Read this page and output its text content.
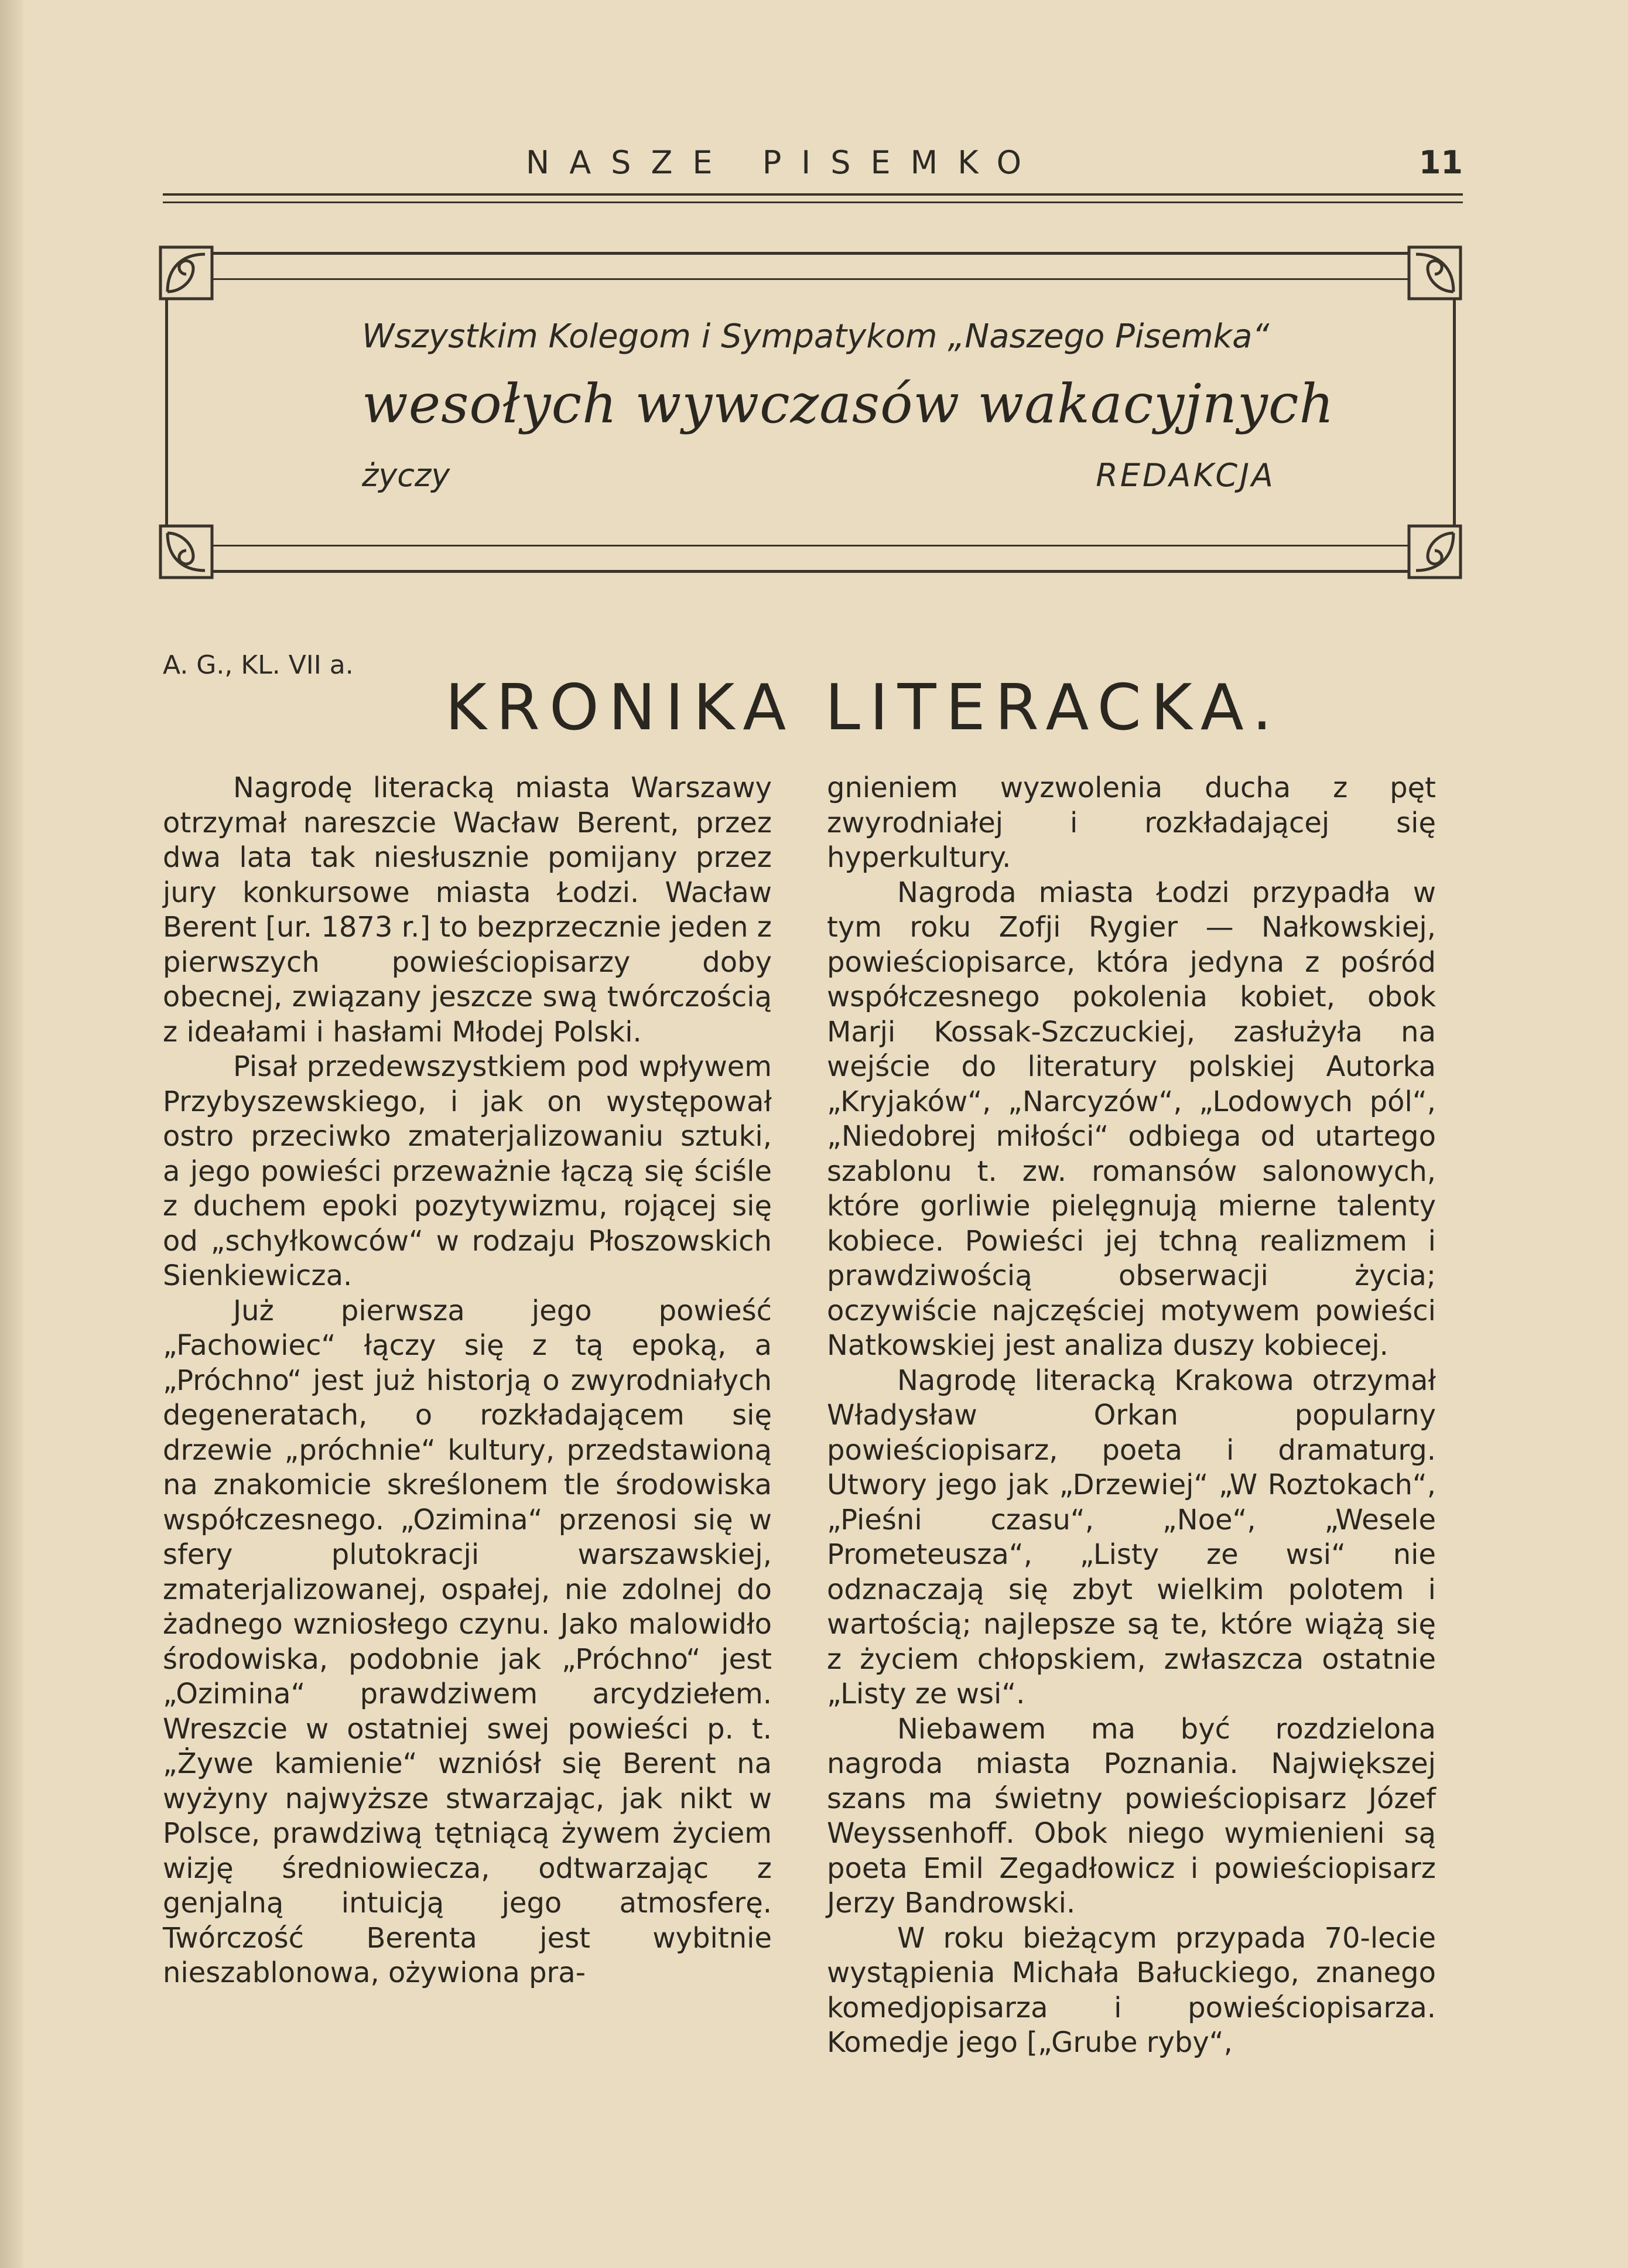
NASZE PISEMKO	11
Wszystkim Kolegom i Sympatykom „Naszego Pisemka“
wesołych wywczasów wakacyjnych
życzy	REDAKCJA
A. G., KL. VII a.
KRONIKA LITERACKA.

Nagrodę literacką miasta Warszawy otrzymał nareszcie Wacław Berent, przez dwa lata tak niesłusznie pomijany przez jury konkursowe miasta Łodzi. Wacław Berent [ur. 1873 r.] to bezprzecznie jeden z pierwszych powieściopisarzy doby obecnej, związany jeszcze swą twórczością z ideałami i hasłami Młodej Polski.

Pisał przedewszystkiem pod wpływem Przybyszewskiego, i jak on występował ostro przeciwko zmaterjalizowaniu sztuki, a jego powieści przeważnie łączą się ściśle z duchem epoki pozytywizmu, rojącej się od „schyłkowców“ w rodzaju Płoszowskich Sienkiewicza.

Już pierwsza jego powieść „Fachowiec“ łączy się z tą epoką, a „Próchno“ jest już historją o zwyrodniałych degeneratach, o rozkładającem się drzewie „próchnie“ kultury, przedstawioną na znakomicie skreślonem tle środowiska współczesnego. „Ozimina“ przenosi się w sfery plutokracji warszawskiej, zmaterjalizowanej, ospałej, nie zdolnej do żadnego wzniosłego czynu. Jako malowidło środowiska, podobnie jak „Próchno“ jest „Ozimina“ prawdziwem arcydziełem. Wreszcie w ostatniej swej powieści p. t. „Żywe kamienie“ wzniósł się Berent na wyżyny najwyższe stwarzając, jak nikt w Polsce, prawdziwą tętniącą żywem życiem wizję średniowiecza, odtwarzając z genjalną intuicją jego atmosferę. Twórczość Berenta jest wybitnie nieszablonowa, ożywiona pra-

gnieniem wyzwolenia ducha z pęt zwyrodniałej i rozkładającej się hyperkultury.

Nagroda miasta Łodzi przypadła w tym roku Zofji Rygier — Nałkowskiej, powieściopisarce, która jedyna z pośród współczesnego pokolenia kobiet, obok Marji Kossak-Szczuckiej, zasłużyła na wejście do literatury polskiej Autorka „Kryjaków“, „Narcyzów“, „Lodowych pól“, „Niedobrej miłości“ odbiega od utartego szablonu t. zw. romansów salonowych, które gorliwie pielęgnują mierne talenty kobiece. Powieści jej tchną realizmem i prawdziwością obserwacji życia; oczywiście najczęściej motywem powieści Natkowskiej jest analiza duszy kobiecej.

Nagrodę literacką Krakowa otrzymał Władysław Orkan popularny powieściopisarz, poeta i dramaturg. Utwory jego jak „Drzewiej“ „W Roztokach“, „Pieśni czasu“, „Noe“, „Wesele Prometeusza“, „Listy ze wsi“ nie odznaczają się zbyt wielkim polotem i wartością; najlepsze są te, które wiążą się z życiem chłopskiem, zwłaszcza ostatnie „Listy ze wsi“.

Niebawem ma być rozdzielona nagroda miasta Poznania. Największej szans ma świetny powieściopisarz Józef Weyssenhoff. Obok niego wymienieni są poeta Emil Zegadłowicz i powieściopisarz Jerzy Bandrowski.

W roku bieżącym przypada 70-lecie wystąpienia Michała Bałuckiego, znanego komedjopisarza i powieściopisarza. Komedje jego [„Grube ryby“,
